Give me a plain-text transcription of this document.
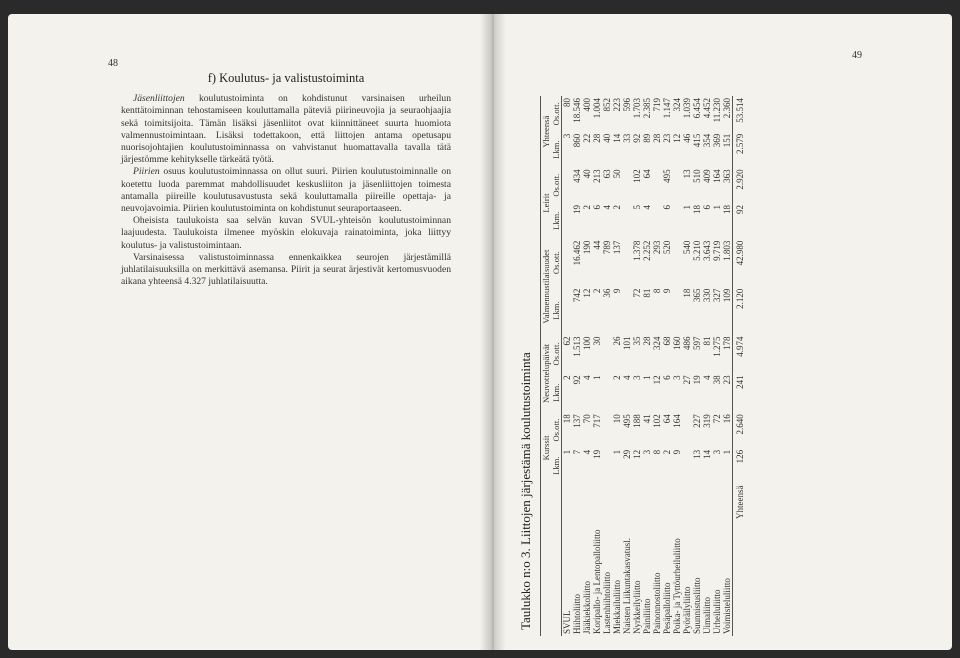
48
f) Koulutus- ja valistustoiminta

Jäsenliittojen koulutustoiminta on kohdistunut varsinaisen urheilun kenttätoiminnan tehostamiseen kouluttamalla päteviä piirineuvojia ja seuraohjaajia sekä toimitsijoita. Tämän lisäksi jäsenliitot ovat kiinnittäneet suurta huomiota valmennustoimintaan. Lisäksi todettakoon, että liittojen antama opetusapu nuorisojohtajien koulutustoiminnassa on vahvistanut huomattavalla tavalla tätä järjestömme kehitykselle tärkeätä työtä.

Piirien osuus koulutustoiminnassa on ollut suuri. Piirien koulutustoiminnalle on koetettu luoda paremmat mahdollisuudet keskusliiton ja jäsenliittojen toimesta antamalla piireille koulutusavustusta sekä kouluttamalla piireille opettaja- ja neuvojavoimia. Piirien koulutustoiminta on kohdistunut seuraportaaseen.

Oheisista taulukoista saa selvän kuvan SVUL-yhteisön koulutustoiminnan laajuudesta. Taulukoista ilmenee myöskin elokuvaja rainatoiminta, joka liittyy koulutus- ja valistustoimintaan.

Varsinaisessa valistustoiminnassa ennenkaikkea seurojen järjestämillä juhlatilaisuuksilla on merkittävä asemansa. Piirit ja seurat ärjestivät kertomusvuoden aikana yhteensä 4.327 juhlatilaisuutta.

49
Taulukko n:o 3. Liittojen järjestämä koulutustoiminta
	Kurssit		Neuvottelupäivät		Valmennustilaisuudet		Leirit		Yhteensä	
	Lkm.	Os.ott.	Lkm.	Os.ott.	Lkm.	Os.ott.	Lkm.	Os.ott.	Lkm.	Os.ott.
SVUL	1	18	2	62					3	80
Hiihtoliitto	7	137	92	1.513	742	16.462	19	434	860	18.546
Jääkiekkoliitto	4	70	4	100	12	190	2	40	22	400
Koripallo- ja Lentopalloliitto	19	717	1	30	2	44	6	213	28	1.004
Lastenhiihtoliitto					36	789	4	63	40	852
Miekkailuliitto	1	10	2	26	9	137	2	50	14	223
Naisten Liikuntakasvatusl.	29	495	4	101					33	596
Nyrkkeilyliitto	12	188	3	35	72	1.378	5	102	92	1.703
Painiliitto	3	41	1	28	81	2.252	4	64	89	2.385
Painonnostoliitto	8	102	12	324	8	293			28	719
Pesäpalloliitto	2	64	6	68	9	520	6	495	23	1.147
Poika- ja Tyttöurheiluliitto	9	164	3	160					12	324
Pyöräilyliitto			27	486	18	540	1	13	46	1.039
Suunnistusliitto	13	227	19	597	365	5.210	18	510	415	6.454
Uimaliitto	14	319	4	81	330	3.643	6	409	354	4.452
Urheiluliitto	3	72	38	1.275	327	9.719	1	164	369	11.230
Voimisteluliitto	1	16	23	178	109	1.803	18	363	151	2.360
Yhteensä	126	2.640	241	4.974	2.120	42.980	92	2.920	2.579	53.514
